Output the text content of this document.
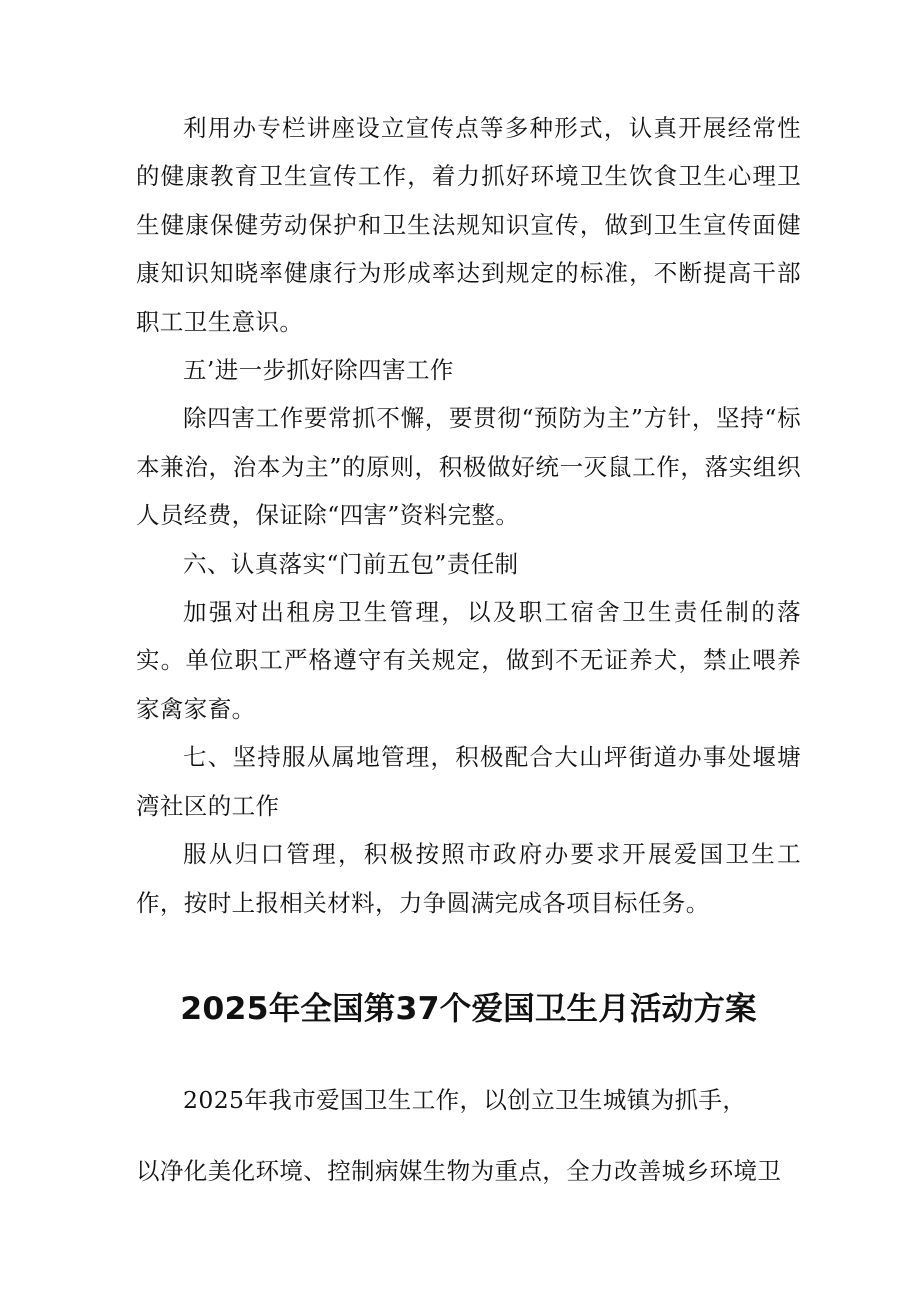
利用办专栏讲座设立宣传点等多种形式，认真开展经常性的健康教育卫生宣传工作，着力抓好环境卫生饮食卫生心理卫生健康保健劳动保护和卫生法规知识宣传，做到卫生宣传面健康知识知晓率健康行为形成率达到规定的标准，不断提高干部职工卫生意识。

五’进一步抓好除四害工作

除四害工作要常抓不懈，要贯彻“预防为主”方针，坚持“标本兼治，治本为主”的原则，积极做好统一灭鼠工作，落实组织人员经费，保证除“四害”资料完整。

六、认真落实“门前五包”责任制

加强对出租房卫生管理，以及职工宿舍卫生责任制的落实。单位职工严格遵守有关规定，做到不无证养犬，禁止喂养家禽家畜。

七、坚持服从属地管理，积极配合大山坪街道办事处堰塘湾社区的工作

服从归口管理，积极按照市政府办要求开展爱国卫生工作，按时上报相关材料，力争圆满完成各项目标任务。

2025年全国第37个爱国卫生月活动方案

2025年我市爱国卫生工作，以创立卫生城镇为抓手，

以净化美化环境、控制病媒生物为重点，全力改善城乡环境卫
